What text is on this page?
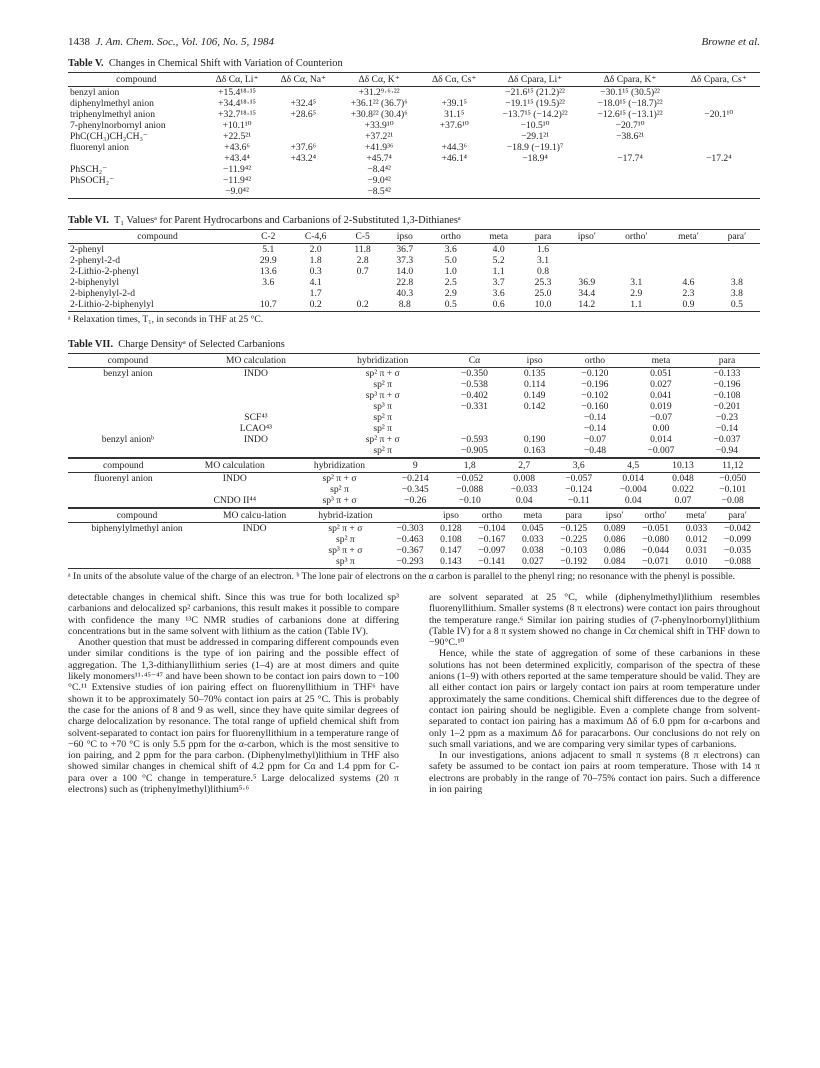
1438 J. Am. Chem. Soc., Vol. 106, No. 5, 1984	Browne et al.
Table V. Changes in Chemical Shift with Variation of Counterion
compound	Δδ Cα, Li⁺	Δδ Cα, Na⁺	Δδ Cα, K⁺	Δδ Cα, Cs⁺	Δδ Cpara, Li⁺	Δδ Cpara, K⁺	Δδ Cpara, Cs⁺
benzyl anion	+15.4¹⁸·¹⁵		+31.2⁹·⁶·²²		−21.6¹⁵ (21.2)²²	−30.1¹⁵ (30.5)²²	
diphenylmethyl anion	+34.4¹⁸·¹⁵	+32.4⁵	+36.1²² (36.7)⁶	+39.1⁵	−19.1¹⁵ (19.5)²²	−18.0¹⁵ (−18.7)²²	
triphenylmethyl anion	+32.7¹⁸·¹⁵	+28.6⁵	+30.8²² (30.4)⁶	31.1⁵	−13.7¹⁵ (−14.2)²²	−12.6¹⁵ (−13.1)²²	−20.1¹⁰
7-phenylnorbornyl anion	+10.1¹⁰		+33.9¹⁰	+37.6¹⁰	−10.5¹⁰	−20.7¹⁰	
PhC(CH₃)CH₂CH₃⁻	+22.5²¹		+37.2²¹		−29.1²¹	−38.6²¹	
fluorenyl anion	+43.6⁶	+37.6⁶	+41.9³⁶	+44.3⁶	−18.9 (−19.1)⁷		
	+43.4⁴	+43.2⁴	+45.7⁴	+46.1⁴	−18.9⁴	−17.7⁴	−17.2⁴
PhSCH₂⁻	−11.9⁴²		−8.4⁴²				
PhSOCH₂⁻	−11.9⁴²		−9.0⁴²				
	−9.0⁴²		−8.5⁴²				
Table VI. T₁ Valuesᵃ for Parent Hydrocarbons and Carbanions of 2-Substituted 1,3-Dithianesᵃ
compound	C-2	C-4,6	C-5	ipso	ortho	meta	para	ipso′	ortho′	meta′	para′
2-phenyl	5.1	2.0	11.8	36.7	3.6	4.0	1.6				
2-phenyl-2-d	29.9	1.8	2.8	37.3	5.0	5.2	3.1				
2-Lithio-2-phenyl	13.6	0.3	0.7	14.0	1.0	1.1	0.8				
2-biphenylyl	3.6	4.1		22.8	2.5	3.7	25.3	36.9	3.1	4.6	3.8
2-biphenylyl-2-d		1.7		40.3	2.9	3.6	25.0	34.4	2.9	2.3	3.8
2-Lithio-2-biphenylyl	10.7	0.2	0.2	8.8	0.5	0.6	10.0	14.2	1.1	0.9	0.5
ᵃ Relaxation times, T₁, in seconds in THF at 25 °C.
Table VII. Charge Densityᵃ of Selected Carbanions
compound	MO calculation	hybridization	Cα	ipso	ortho	meta	para
benzyl anion	INDO	sp² π + σ	−0.350	0.135	−0.120	0.051	−0.133
		sp² π	−0.538	0.114	−0.196	0.027	−0.196
		sp³ π + σ	−0.402	0.149	−0.102	0.041	−0.108
		sp³ π	−0.331	0.142	−0.160	0.019	−0.201
	SCF⁴³	sp² π			−0.14	−0.07	−0.23
	LCAO⁴³	sp² π			−0.14	0.00	−0.14
benzyl anionᵇ	INDO	sp² π + σ	−0.593	0.190	−0.07	0.014	−0.037
		sp² π	−0.905	0.163	−0.48	−0.007	−0.94
compound	MO calculation	hybridization	9	1,8	2,7	3,6	4,5	10.13	11,12
fluorenyl anion	INDO	sp² π + σ	−0.214	−0.052	0.008	−0.057	0.014	0.048	−0.050
		sp² π	−0.345	−0.088	−0.033	−0.124	−0.004	0.022	−0.101
	CNDO II⁴⁴	sp³ π + σ	−0.26	−0.10	0.04	−0.11	0.04	0.07	−0.08
compound	MO calcu-lation	hybrid-ization		ipso	ortho	meta	para	ipso′	ortho′	meta′	para′
biphenylylmethyl anion	INDO	sp² π + σ	−0.303	0.128	−0.104	0.045	−0.125	0.089	−0.051	0.033	−0.042
		sp² π	−0.463	0.108	−0.167	0.033	−0.225	0.086	−0.080	0.012	−0.099
		sp³ π + σ	−0.367	0.147	−0.097	0.038	−0.103	0.086	−0.044	0.031	−0.035
		sp³ π	−0.293	0.143	−0.141	0.027	−0.192	0.084	−0.071	0.010	−0.088
ᵃ In units of the absolute value of the charge of an electron. ᵇ The lone pair of electrons on the α carbon is parallel to the phenyl ring; no resonance with the phenyl is possible.

detectable changes in chemical shift. Since this was true for both localized sp³ carbanions and delocalized sp² carbanions, this result makes it possible to compare with confidence the many ¹³C NMR studies of carbanions done at differing concentrations but in the same solvent with lithium as the cation (Table IV).

Another question that must be addressed in comparing different compounds even under similar conditions is the type of ion pairing and the possible effect of aggregation. The 1,3-dithianyllithium series (1–4) are at most dimers and quite likely monomers¹¹·⁴⁵⁻⁴⁷ and have been shown to be contact ion pairs down to −100 °C.¹¹ Extensive studies of ion pairing effect on fluorenyllithium in THF⁶ have shown it to be approximately 50–70% contact ion pairs at 25 °C. This is probably the case for the anions of 8 and 9 as well, since they have quite similar degrees of charge delocalization by resonance. The total range of upfield chemical shift from solvent-separated to contact ion pairs for fluorenyllithium in a temperature range of −60 °C to +70 °C is only 5.5 ppm for the α-carbon, which is the most sensitive to ion pairing, and 2 ppm for the para carbon. (Diphenylmethyl)lithium in THF also showed similar changes in chemical shift of 4.2 ppm for Cα and 1.4 ppm for C-para over a 100 °C change in temperature.⁵ Large delocalized systems (20 π electrons) such as (triphenylmethyl)lithium⁵·⁶

are solvent separated at 25 °C, while (diphenylmethyl)lithium resembles fluorenyllithium. Smaller systems (8 π electrons) were contact ion pairs throughout the temperature range.⁶ Similar ion pairing studies of (7-phenylnorbornyl)lithium (Table IV) for a 8 π system showed no change in Cα chemical shift in THF down to −90°C.¹⁰

Hence, while the state of aggregation of some of these carbanions in these solutions has not been determined explicitly, comparison of the spectra of these anions (1–9) with others reported at the same temperature should be valid. They are all either contact ion pairs or largely contact ion pairs at room temperature under approximately the same conditions. Chemical shift differences due to the degree of contact ion pairing should be negligible. Even a complete change from solvent-separated to contact ion pairing has a maximum Δδ of 6.0 ppm for α-carbons and only 1–2 ppm as a maximum Δδ for paracarbons. Our conclusions do not rely on such small variations, and we are comparing very similar types of carbanions.

In our investigations, anions adjacent to small π systems (8 π electrons) can safety be assumed to be contact ion pairs at room temperature. Those with 14 π electrons are probably in the range of 70–75% contact ion pairs. Such a difference in ion pairing
